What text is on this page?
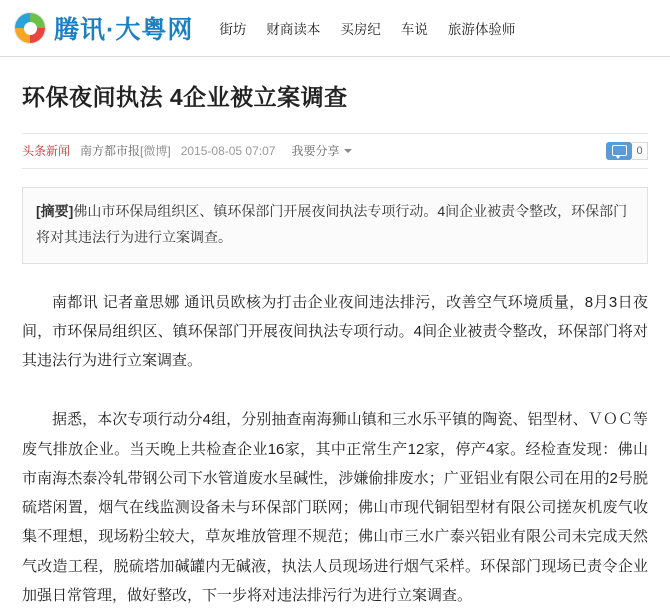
腾讯·大粤网 街坊 财商读本 买房纪 车说 旅游体验师
环保夜间执法 4企业被立案调查
头条新闻 南方都市报[微博] 2015-08-05 07:07 我要分享	0
[摘要]佛山市环保局组织区、镇环保部门开展夜间执法专项行动。4间企业被责令整改，环保部门将对其违法行为进行立案调查。

南都讯 记者童思娜 通讯员欧核为打击企业夜间违法排污，改善空气环境质量，8月3日夜间，市环保局组织区、镇环保部门开展夜间执法专项行动。4间企业被责令整改，环保部门将对其违法行为进行立案调查。

据悉，本次专项行动分4组，分别抽查南海狮山镇和三水乐平镇的陶瓷、铝型材、ＶＯＣ等废气排放企业。当天晚上共检查企业16家，其中正常生产12家，停产4家。经检查发现：佛山市南海杰泰冷轧带钢公司下水管道废水呈碱性，涉嫌偷排废水；广亚铝业有限公司在用的2号脱硫塔闲置，烟气在线监测设备未与环保部门联网；佛山市现代铜铝型材有限公司搓灰机废气收集不理想，现场粉尘较大，草灰堆放管理不规范；佛山市三水广泰兴铝业有限公司未完成天然气改造工程，脱硫塔加碱罐内无碱液，执法人员现场进行烟气采样。环保部门现场已责令企业加强日常管理，做好整改，下一步将对违法排污行为进行立案调查。
